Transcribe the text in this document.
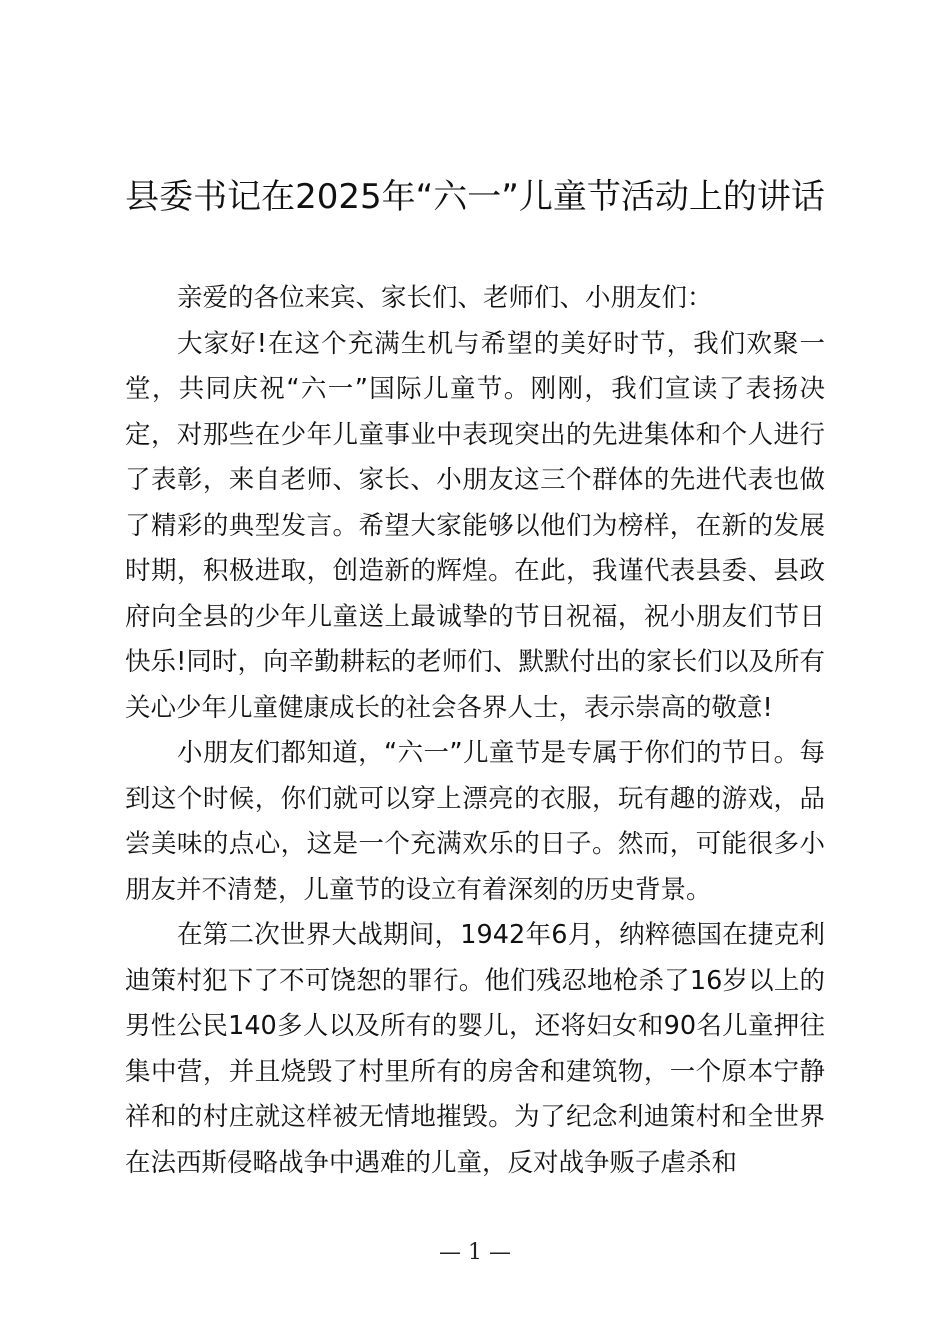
县委书记在2025年“六一”儿童节活动上的讲话

亲爱的各位来宾、家长们、老师们、小朋友们：

大家好!在这个充满生机与希望的美好时节，我们欢聚一堂，共同庆祝“六一”国际儿童节。刚刚，我们宣读了表扬决定，对那些在少年儿童事业中表现突出的先进集体和个人进行了表彰，来自老师、家长、小朋友这三个群体的先进代表也做了精彩的典型发言。希望大家能够以他们为榜样，在新的发展时期，积极进取，创造新的辉煌。在此，我谨代表县委、县政府向全县的少年儿童送上最诚挚的节日祝福，祝小朋友们节日快乐!同时，向辛勤耕耘的老师们、默默付出的家长们以及所有关心少年儿童健康成长的社会各界人士，表示崇高的敬意!

小朋友们都知道，“六一”儿童节是专属于你们的节日。每到这个时候，你们就可以穿上漂亮的衣服，玩有趣的游戏，品尝美味的点心，这是一个充满欢乐的日子。然而，可能很多小朋友并不清楚，儿童节的设立有着深刻的历史背景。

在第二次世界大战期间，1942年6月，纳粹德国在捷克利迪策村犯下了不可饶恕的罪行。他们残忍地枪杀了16岁以上的男性公民140多人以及所有的婴儿，还将妇女和90名儿童押往集中营，并且烧毁了村里所有的房舍和建筑物，一个原本宁静祥和的村庄就这样被无情地摧毁。为了纪念利迪策村和全世界在法西斯侵略战争中遇难的儿童，反对战争贩子虐杀和

— 1 —
